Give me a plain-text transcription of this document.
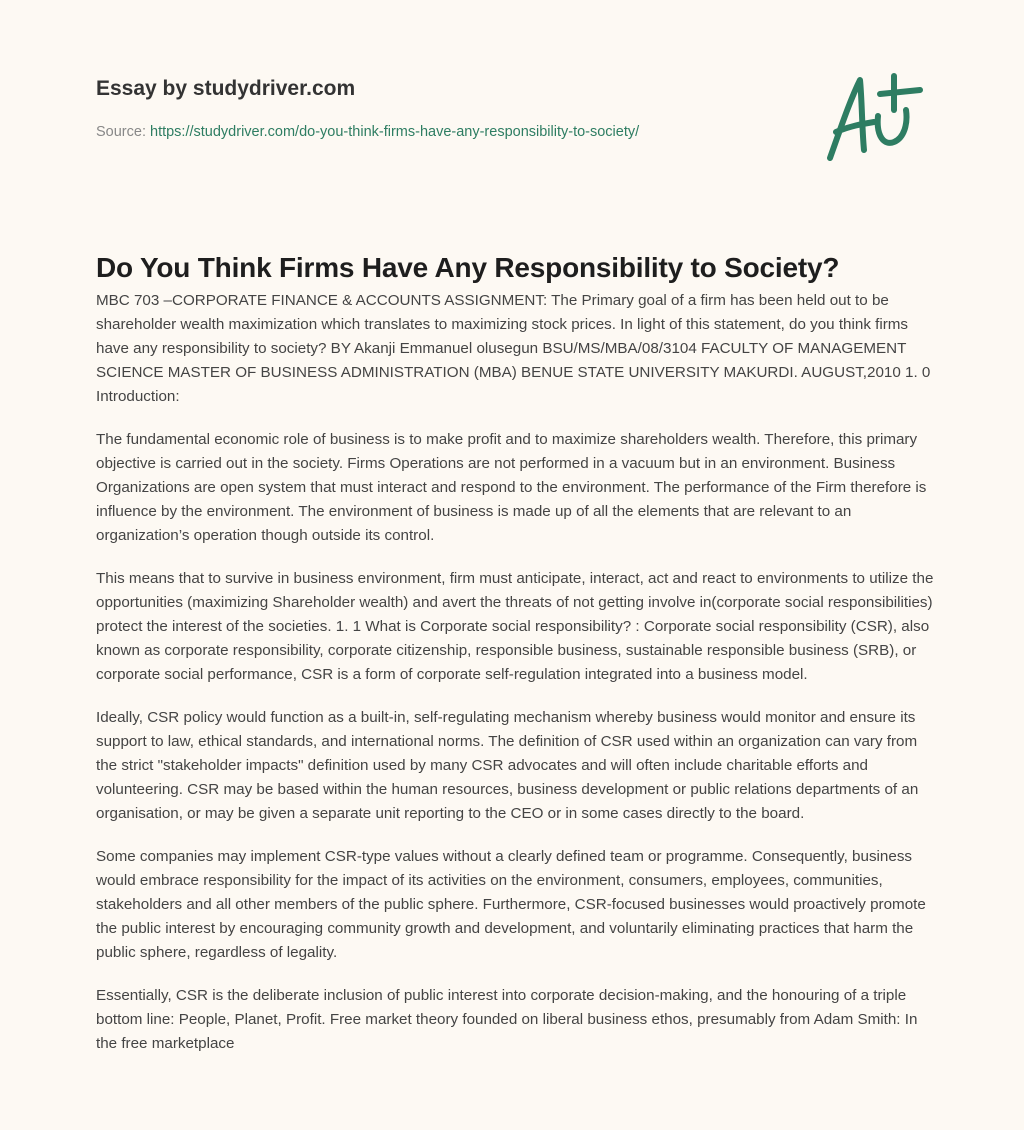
Essay by studydriver.com
Source: https://studydriver.com/do-you-think-firms-have-any-responsibility-to-society/
Do You Think Firms Have Any Responsibility to Society?

MBC 703 –CORPORATE FINANCE & ACCOUNTS ASSIGNMENT: The Primary goal of a firm has been held out to be shareholder wealth maximization which translates to maximizing stock prices. In light of this statement, do you think firms have any responsibility to society? BY Akanji Emmanuel olusegun BSU/MS/MBA/08/3104 FACULTY OF MANAGEMENT SCIENCE MASTER OF BUSINESS ADMINISTRATION (MBA) BENUE STATE UNIVERSITY MAKURDI. AUGUST,2010 1. 0 Introduction:

The fundamental economic role of business is to make profit and to maximize shareholders wealth. Therefore, this primary objective is carried out in the society. Firms Operations are not performed in a vacuum but in an environment. Business Organizations are open system that must interact and respond to the environment. The performance of the Firm therefore is influence by the environment. The environment of business is made up of all the elements that are relevant to an organization’s operation though outside its control.

This means that to survive in business environment, firm must anticipate, interact, act and react to environments to utilize the opportunities (maximizing Shareholder wealth) and avert the threats of not getting involve in(corporate social responsibilities) protect the interest of the societies. 1. 1 What is Corporate social responsibility? : Corporate social responsibility (CSR), also known as corporate responsibility, corporate citizenship, responsible business, sustainable responsible business (SRB), or corporate social performance, CSR is a form of corporate self-regulation integrated into a business model.

Ideally, CSR policy would function as a built-in, self-regulating mechanism whereby business would monitor and ensure its support to law, ethical standards, and international norms. The definition of CSR used within an organization can vary from the strict "stakeholder impacts" definition used by many CSR advocates and will often include charitable efforts and volunteering. CSR may be based within the human resources, business development or public relations departments of an organisation, or may be given a separate unit reporting to the CEO or in some cases directly to the board.

Some companies may implement CSR-type values without a clearly defined team or programme. Consequently, business would embrace responsibility for the impact of its activities on the environment, consumers, employees, communities, stakeholders and all other members of the public sphere. Furthermore, CSR-focused businesses would proactively promote the public interest by encouraging community growth and development, and voluntarily eliminating practices that harm the public sphere, regardless of legality.

Essentially, CSR is the deliberate inclusion of public interest into corporate decision-making, and the honouring of a triple bottom line: People, Planet, Profit. Free market theory founded on liberal business ethos, presumably from Adam Smith: In the free marketplace
